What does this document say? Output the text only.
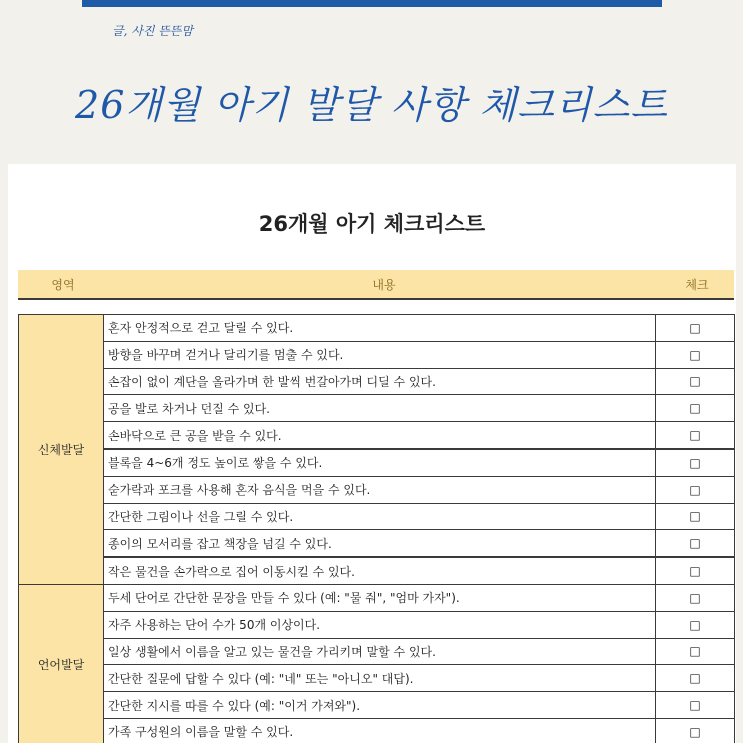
글, 사진 뜬뜬맘
26개월 아기 발달 사항 체크리스트
26개월 아기 체크리스트
영역	내용	체크
신체발달	혼자 안정적으로 걷고 달릴 수 있다.	□
	방향을 바꾸며 걷거나 달리기를 멈출 수 있다.	□
	손잡이 없이 계단을 올라가며 한 발씩 번갈아가며 디딜 수 있다.	□
	공을 발로 차거나 던질 수 있다.	□
	손바닥으로 큰 공을 받을 수 있다.	□
	블록을 4~6개 정도 높이로 쌓을 수 있다.	□
	숟가락과 포크를 사용해 혼자 음식을 먹을 수 있다.	□
	간단한 그림이나 선을 그릴 수 있다.	□
	종이의 모서리를 잡고 책장을 넘길 수 있다.	□
	작은 물건을 손가락으로 집어 이동시킬 수 있다.	□
언어발달	두세 단어로 간단한 문장을 만들 수 있다 (예: "물 줘", "엄마 가자").	□
	자주 사용하는 단어 수가 50개 이상이다.	□
	일상 생활에서 이름을 알고 있는 물건을 가리키며 말할 수 있다.	□
	간단한 질문에 답할 수 있다 (예: "네" 또는 "아니오" 대답).	□
	간단한 지시를 따를 수 있다 (예: "이거 가져와").	□
	가족 구성원의 이름을 말할 수 있다.	□
